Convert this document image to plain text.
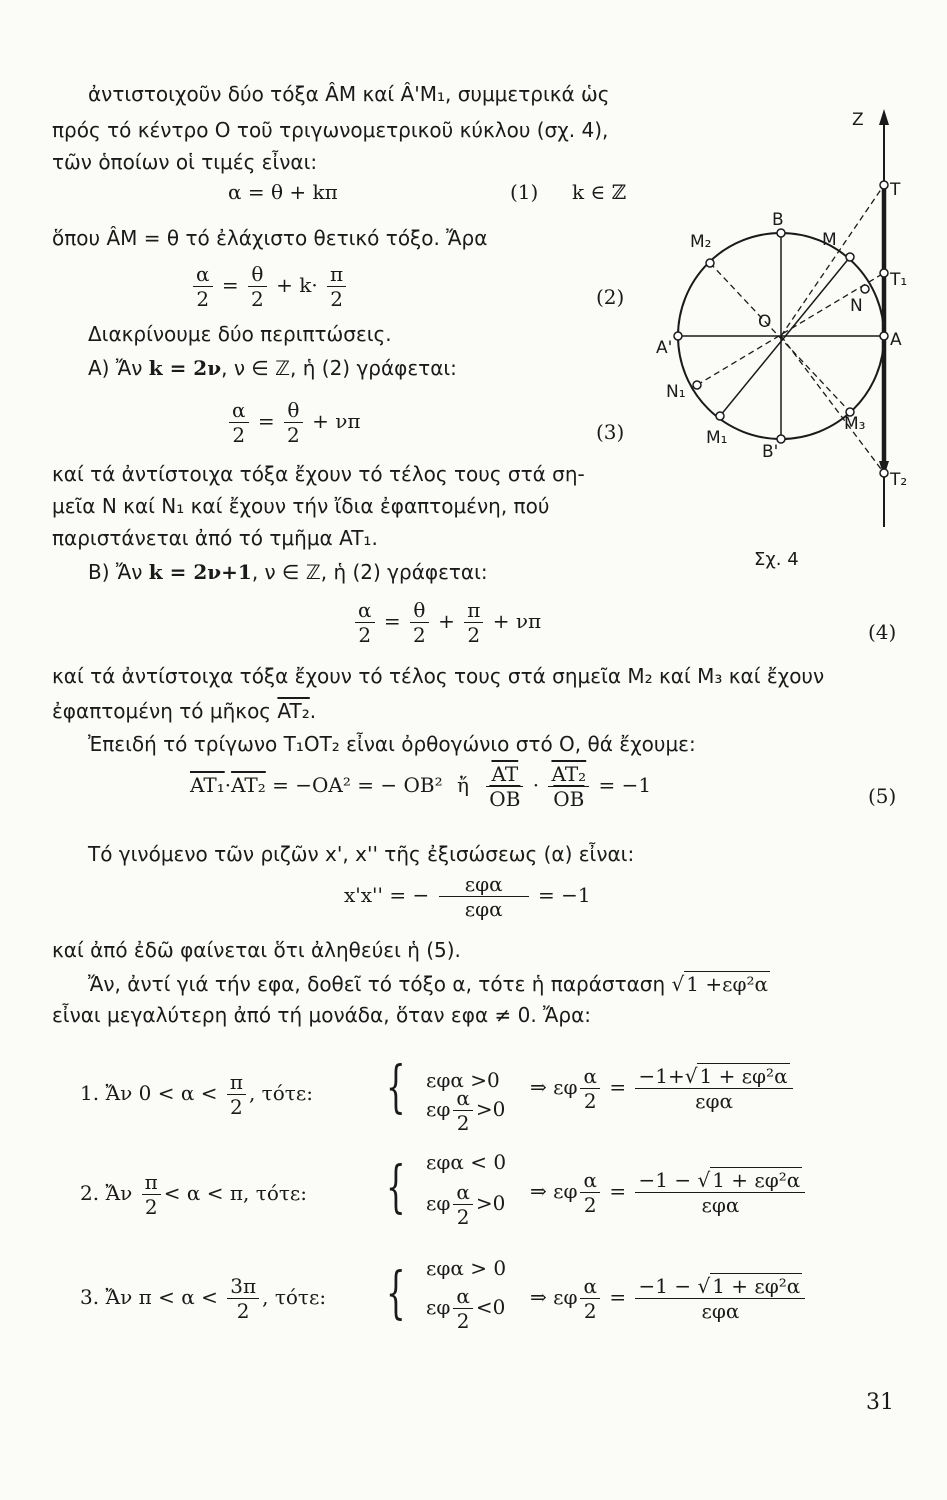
ἀντιστοιχοῦν δύο τόξα ÂM καί Â'M₁, συμμετρικά ὡς
πρός τό κέντρο O τοῦ τριγωνομετρικοῦ κύκλου (σχ. 4),
τῶν ὁποίων οἱ τιμές εἶναι:
α = θ + kπ	(1) k ∈ ℤ
ὅπου ÂM = θ τό ἐλάχιστο θετικό τόξο. Ἄρα
$\frac{\alpha}{2} = \frac{\theta}{2} + k\cdot \frac{\pi}{2}$	(2)
Διακρίνουμε δύο περιπτώσεις.
A) Ἄν k = 2ν, ν ∈ ℤ, ἡ (2) γράφεται:
$\frac{\alpha}{2} = \frac{\theta}{2} + \nu\pi$	(3)
καί τά ἀντίστοιχα τόξα ἔχουν τό τέλος τους στά ση-
μεῖα N καί N₁ καί ἔχουν τήν ἴδια ἐφαπτομένη, πού
παριστάνεται ἀπό τό τμῆμα AT₁.
B) Ἄν k = 2ν+1, ν ∈ ℤ, ἡ (2) γράφεται:
$\frac{\alpha}{2} = \frac{\theta}{2} + \frac{\pi}{2} + \nu\pi$	(4)
καί τά ἀντίστοιχα τόξα ἔχουν τό τέλος τους στά σημεῖα M₂ καί M₃ καί ἔχουν
ἐφαπτομένη τό μῆκος AT₂.
Ἐπειδή τό τρίγωνο T₁OT₂ εἶναι ὀρθογώνιο στό O, θά ἔχουμε:
AT₁·AT₂ = −OA² = − OB² ἤ $\frac{\overline{AT}}{OB} \cdot \frac{\text{AT₂}}{OB} = -1$	(5)
Τό γινόμενο τῶν ριζῶν x', x'' τῆς ἐξισώσεως (α) εἶναι:
x'x'' = − $\frac{\text{εφα}}{\text{εφα}} = -1$
καί ἀπό ἐδῶ φαίνεται ὅτι ἀληθεύει ἡ (5).
Ἄν, ἀντί γιά τήν εφα, δοθεῖ τό τόξο α, τότε ἡ παράσταση √ 1 +εφ²α
εἶναι μεγαλύτερη ἀπό τή μονάδα, ὅταν εφα ≠ 0. Ἄρα:
1. Ἄν $0 < \alpha < \frac{\pi}{2}$ , τότε: { εφα >0
εφ $\frac{\alpha}{2} >0$
⇒ εφ $\frac{\alpha}{2} = \frac{\text{−1+√ 1 + εφ²α}}{\text{εφα}}$
2. Ἄν $\frac{\pi}{2} < \alpha < \pi$, τότε: { εφα < 0
εφ $\frac{\alpha}{2} >0$ ⇒ εφ $\frac{\alpha}{2} = \frac{\text{−1 − √ 1 + εφ²α}}{\text{εφα}}$
3. Ἄν $\pi < \alpha < \frac{3\pi}{2}$ , τότε: { εφα > 0
εφ $\frac{\alpha}{2} <0$ ⇒ εφ $\frac{\alpha}{2} = \frac{\text{−1 − √ 1 + εφ²α}}{\text{εφα}}$
31
Z
T
T₁
A
T₂
A'
B
B'
O
M
M₁
M₂
M₃
N
N₁
Σχ. 4
